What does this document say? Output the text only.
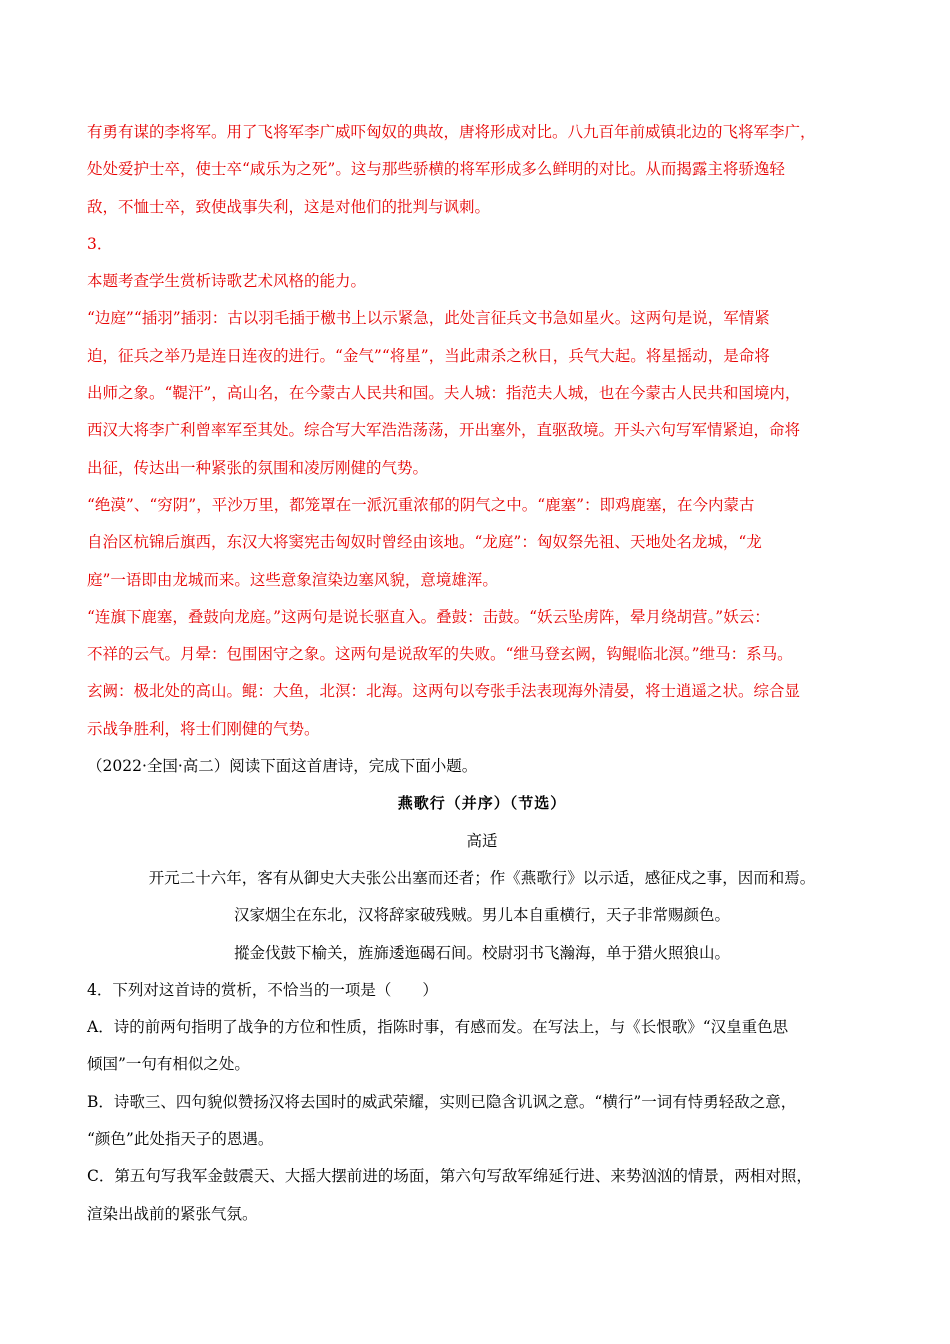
有勇有谋的李将军。用了飞将军李广威吓匈奴的典故，唐将形成对比。八九百年前威镇北边的飞将军李广，

处处爱护士卒，使士卒“咸乐为之死”。这与那些骄横的将军形成多么鲜明的对比。从而揭露主将骄逸轻

敌，不恤士卒，致使战事失利，这是对他们的批判与讽刺。

3．

本题考查学生赏析诗歌艺术风格的能力。

“边庭”“插羽”插羽：古以羽毛插于檄书上以示紧急，此处言征兵文书急如星火。这两句是说，军情紧

迫，征兵之举乃是连日连夜的进行。“金气”“将星”，当此肃杀之秋日，兵气大起。将星摇动，是命将

出师之象。“鞮汗”，高山名，在今蒙古人民共和国。夫人城：指范夫人城，也在今蒙古人民共和国境内，

西汉大将李广利曾率军至其处。综合写大军浩浩荡荡，开出塞外，直驱敌境。开头六句写军情紧迫，命将

出征，传达出一种紧张的氛围和凌厉刚健的气势。

“绝漠”、“穷阴”，平沙万里，都笼罩在一派沉重浓郁的阴气之中。“鹿塞”：即鸡鹿塞，在今内蒙古

自治区杭锦后旗西，东汉大将窦宪击匈奴时曾经由该地。“龙庭”：匈奴祭先祖、天地处名龙城，“龙

庭”一语即由龙城而来。这些意象渲染边塞风貌，意境雄浑。

“连旗下鹿塞，叠鼓向龙庭。”这两句是说长驱直入。叠鼓：击鼓。“妖云坠虏阵，晕月绕胡营。”妖云：

不祥的云气。月晕：包围困守之象。这两句是说敌军的失败。“绁马登玄阙，钩鲲临北溟。”绁马：系马。

玄阙：极北处的高山。鲲：大鱼，北溟：北海。这两句以夸张手法表现海外清晏，将士逍遥之状。综合显

示战争胜利，将士们刚健的气势。

（2022·全国·高二）阅读下面这首唐诗，完成下面小题。

燕歌行（并序）（节选）

高适

开元二十六年，客有从御史大夫张公出塞而还者；作《燕歌行》以示适，感征戍之事，因而和焉。

汉家烟尘在东北，汉将辞家破残贼。男儿本自重横行，天子非常赐颜色。

摐金伐鼓下榆关，旌旆逶迤碣石间。校尉羽书飞瀚海，单于猎火照狼山。

4．下列对这首诗的赏析，不恰当的一项是（　　）

A．诗的前两句指明了战争的方位和性质，指陈时事，有感而发。在写法上，与《长恨歌》“汉皇重色思

倾国”一句有相似之处。

B．诗歌三、四句貌似赞扬汉将去国时的威武荣耀，实则已隐含讥讽之意。“横行”一词有恃勇轻敌之意，

“颜色”此处指天子的恩遇。

C．第五句写我军金鼓震天、大摇大摆前进的场面，第六句写敌军绵延行进、来势汹汹的情景，两相对照，

渲染出战前的紧张气氛。
